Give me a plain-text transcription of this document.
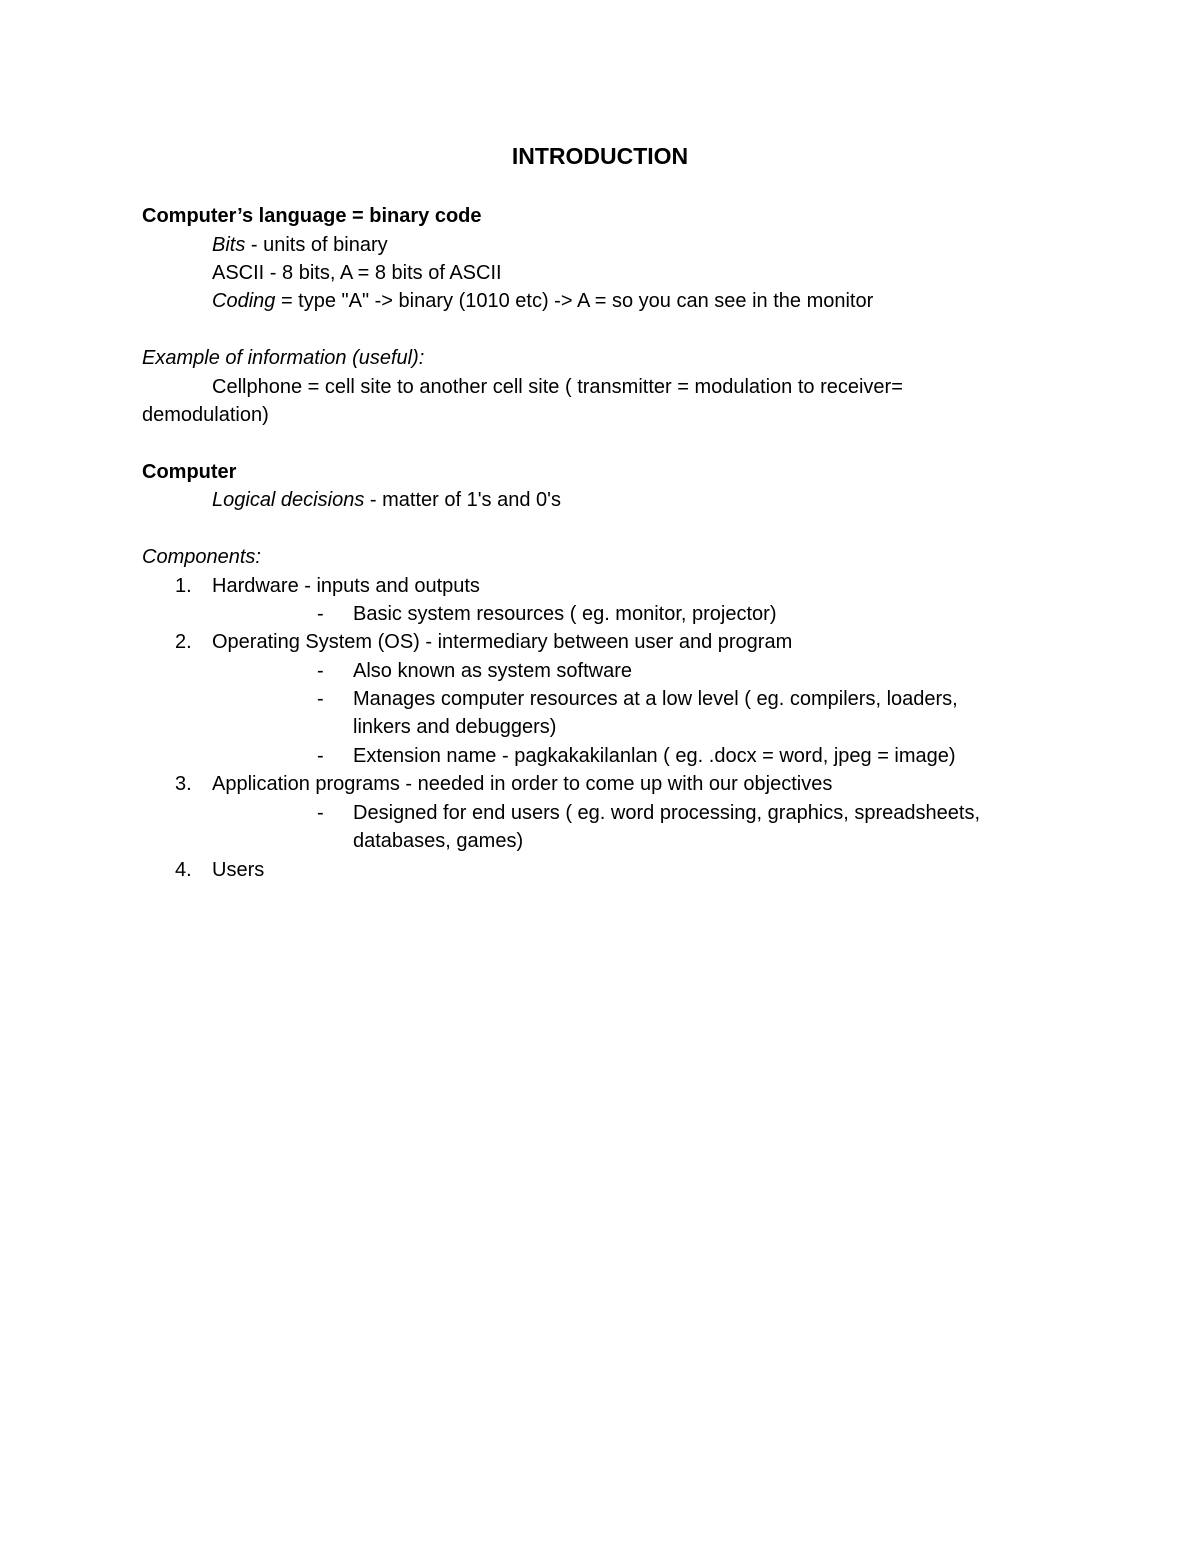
INTRODUCTION
Computer’s language = binary code
Bits - units of binary
ASCII - 8 bits, A = 8 bits of ASCII
Coding = type "A" -> binary (1010 etc) -> A = so you can see in the monitor
Example of information (useful):
Cellphone = cell site to another cell site ( transmitter = modulation to receiver=
demodulation)
Computer
Logical decisions - matter of 1's and 0's
Components:
1. Hardware - inputs and outputs
- Basic system resources ( eg. monitor, projector)
2. Operating System (OS) - intermediary between user and program
- Also known as system software
- Manages computer resources at a low level ( eg. compilers, loaders,
linkers and debuggers)
- Extension name - pagkakakilanlan ( eg. .docx = word, jpeg = image)
3. Application programs - needed in order to come up with our objectives
- Designed for end users ( eg. word processing, graphics, spreadsheets,
databases, games)
4. Users
